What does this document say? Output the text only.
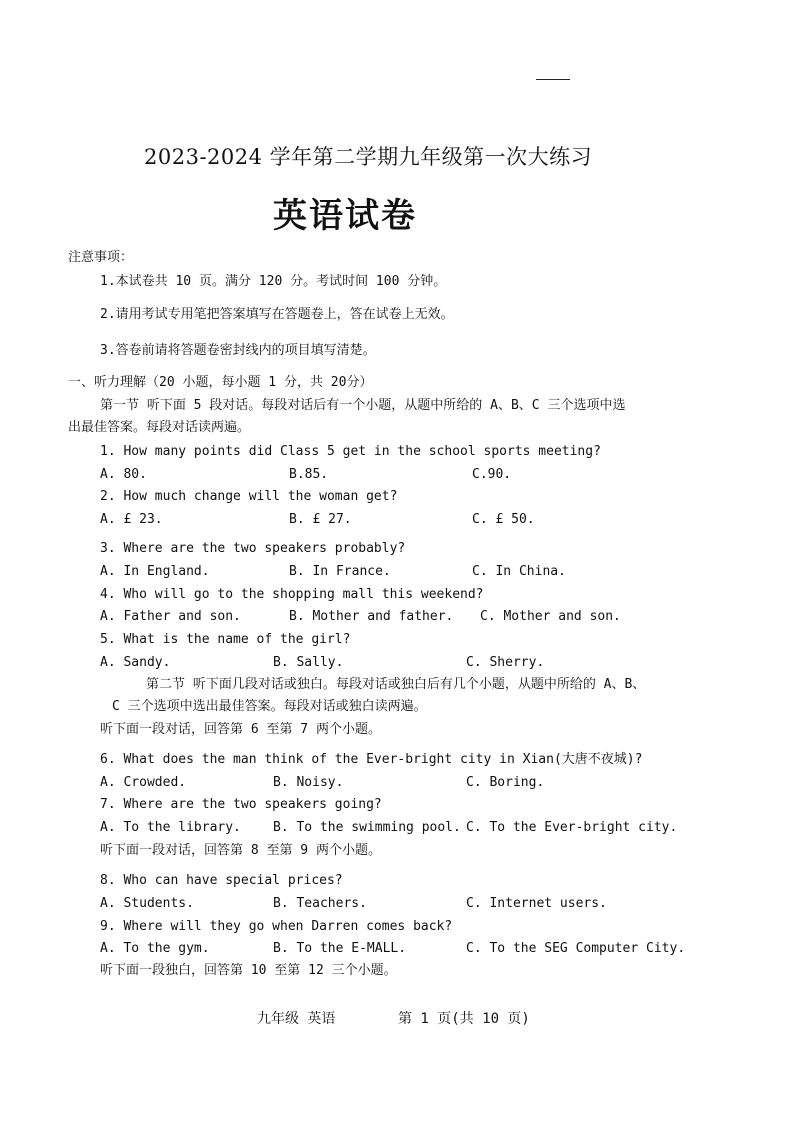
2023-2024 学年第二学期九年级第一次大练习
英语试卷
注意事项：
1.本试卷共 10 页。满分 120 分。考试时间 100 分钟。
2.请用考试专用笔把答案填写在答题卷上，答在试卷上无效。
3.答卷前请将答题卷密封线内的项目填写清楚。
一、听力理解（20 小题，每小题 1 分，共 20分）
第一节 听下面 5 段对话。每段对话后有一个小题，从题中所给的 A、B、C 三个选项中选
出最佳答案。每段对话读两遍。
1. How many points did Class 5 get in the school sports meeting?
A. 80.	B.85.	C.90.
2. How much change will the woman get?
A. £ 23.	B. £ 27.	C. £ 50.
3. Where are the two speakers probably?
A. In England.	B. In France.	C. In China.
4. Who will go to the shopping mall this weekend?
A. Father and son.	B. Mother and father. C. Mother and son.
5. What is the name of the girl?
A. Sandy.	B. Sally.	C. Sherry.
第二节 听下面几段对话或独白。每段对话或独白后有几个小题，从题中所给的 A、B、
C 三个选项中选出最佳答案。每段对话或独白读两遍。
听下面一段对话，回答第 6 至第 7 两个小题。
6. What does the man think of the Ever-bright city in Xian(大唐不夜城)?
A. Crowded.	B. Noisy.	C. Boring.
7. Where are the two speakers going?
A. To the library. B. To the swimming pool. C. To the Ever-bright city.
听下面一段对话，回答第 8 至第 9 两个小题。
8. Who can have special prices?
A. Students.	B. Teachers.	C. Internet users.
9. Where will they go when Darren comes back?
A. To the gym.	B. To the E-MALL.	C. To the SEG Computer City.
听下面一段独白，回答第 10 至第 12 三个小题。
九年级 英语	第 1 页(共 10 页)
